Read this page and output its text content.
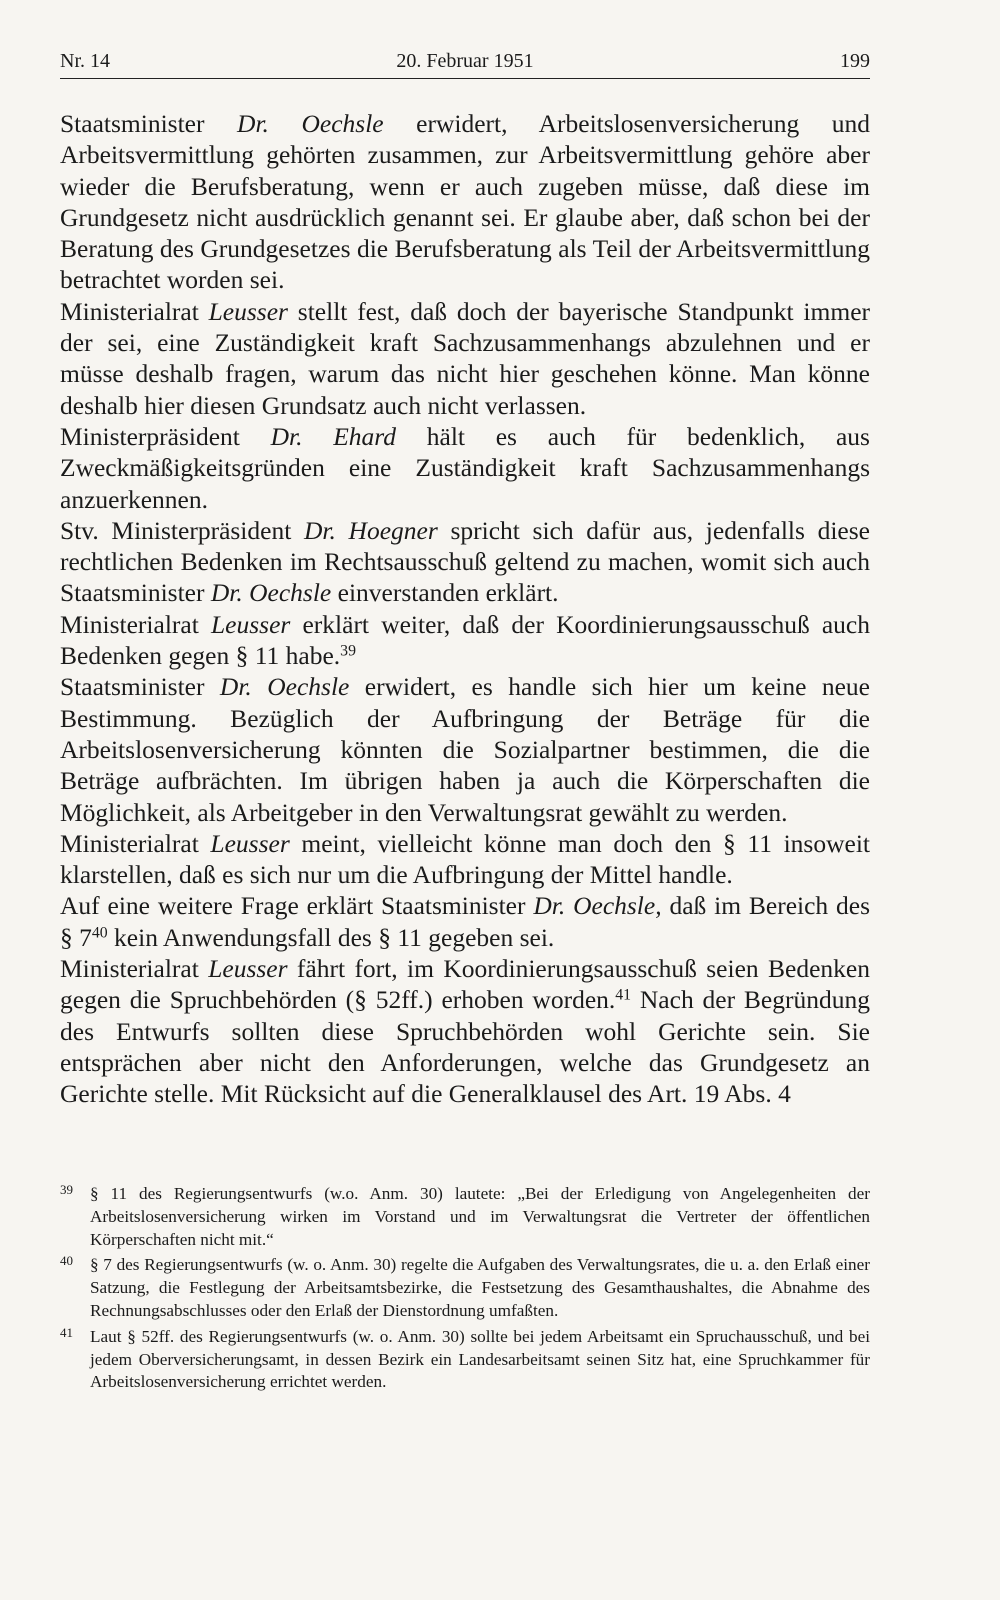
Nr. 14	20. Februar 1951	199

Staatsminister Dr. Oechsle erwidert, Arbeitslosenversicherung und Arbeitsvermittlung gehörten zusammen, zur Arbeitsvermittlung gehöre aber wieder die Berufsberatung, wenn er auch zugeben müsse, daß diese im Grundgesetz nicht ausdrücklich genannt sei. Er glaube aber, daß schon bei der Beratung des Grundgesetzes die Berufsberatung als Teil der Arbeitsvermittlung betrachtet worden sei.

Ministerialrat Leusser stellt fest, daß doch der bayerische Standpunkt immer der sei, eine Zuständigkeit kraft Sachzusammenhangs abzulehnen und er müsse deshalb fragen, warum das nicht hier geschehen könne. Man könne deshalb hier diesen Grundsatz auch nicht verlassen.

Ministerpräsident Dr. Ehard hält es auch für bedenklich, aus Zweckmäßigkeitsgründen eine Zuständigkeit kraft Sachzusammenhangs anzuerkennen.

Stv. Ministerpräsident Dr. Hoegner spricht sich dafür aus, jedenfalls diese rechtlichen Bedenken im Rechtsausschuß geltend zu machen, womit sich auch Staatsminister Dr. Oechsle einverstanden erklärt.

Ministerialrat Leusser erklärt weiter, daß der Koordinierungsausschuß auch Bedenken gegen § 11 habe.$^{39}$

Staatsminister Dr. Oechsle erwidert, es handle sich hier um keine neue Bestimmung. Bezüglich der Aufbringung der Beträge für die Arbeitslosenversicherung könnten die Sozialpartner bestimmen, die die Beträge aufbrächten. Im übrigen haben ja auch die Körperschaften die Möglichkeit, als Arbeitgeber in den Verwaltungsrat gewählt zu werden.

Ministerialrat Leusser meint, vielleicht könne man doch den § 11 insoweit klarstellen, daß es sich nur um die Aufbringung der Mittel handle.

Auf eine weitere Frage erklärt Staatsminister Dr. Oechsle, daß im Bereich des § $7^{40}$ kein Anwendungsfall des § 11 gegeben sei.

Ministerialrat Leusser fährt fort, im Koordinierungsausschuß seien Bedenken gegen die Spruchbehörden (§ 52ff.) erhoben worden.$^{41}$ Nach der Begründung des Entwurfs sollten diese Spruchbehörden wohl Gerichte sein. Sie entsprächen aber nicht den Anforderungen, welche das Grundgesetz an Gerichte stelle. Mit Rücksicht auf die Generalklausel des Art. 19 Abs. 4

39 § 11 des Regierungsentwurfs (w.o. Anm. 30) lautete: „Bei der Erledigung von Angelegenheiten der Arbeitslosenversicherung wirken im Vorstand und im Verwaltungsrat die Vertreter der öffentlichen Körperschaften nicht mit.“
40 § 7 des Regierungsentwurfs (w. o. Anm. 30) regelte die Aufgaben des Verwaltungsrates, die u. a. den Erlaß einer Satzung, die Festlegung der Arbeitsamtsbezirke, die Festsetzung des Gesamthaushaltes, die Abnahme des Rechnungsabschlusses oder den Erlaß der Dienstordnung umfaßten.
41 Laut § 52ff. des Regierungsentwurfs (w. o. Anm. 30) sollte bei jedem Arbeitsamt ein Spruchausschuß, und bei jedem Oberversicherungsamt, in dessen Bezirk ein Landesarbeitsamt seinen Sitz hat, eine Spruchkammer für Arbeitslosenversicherung errichtet werden.
